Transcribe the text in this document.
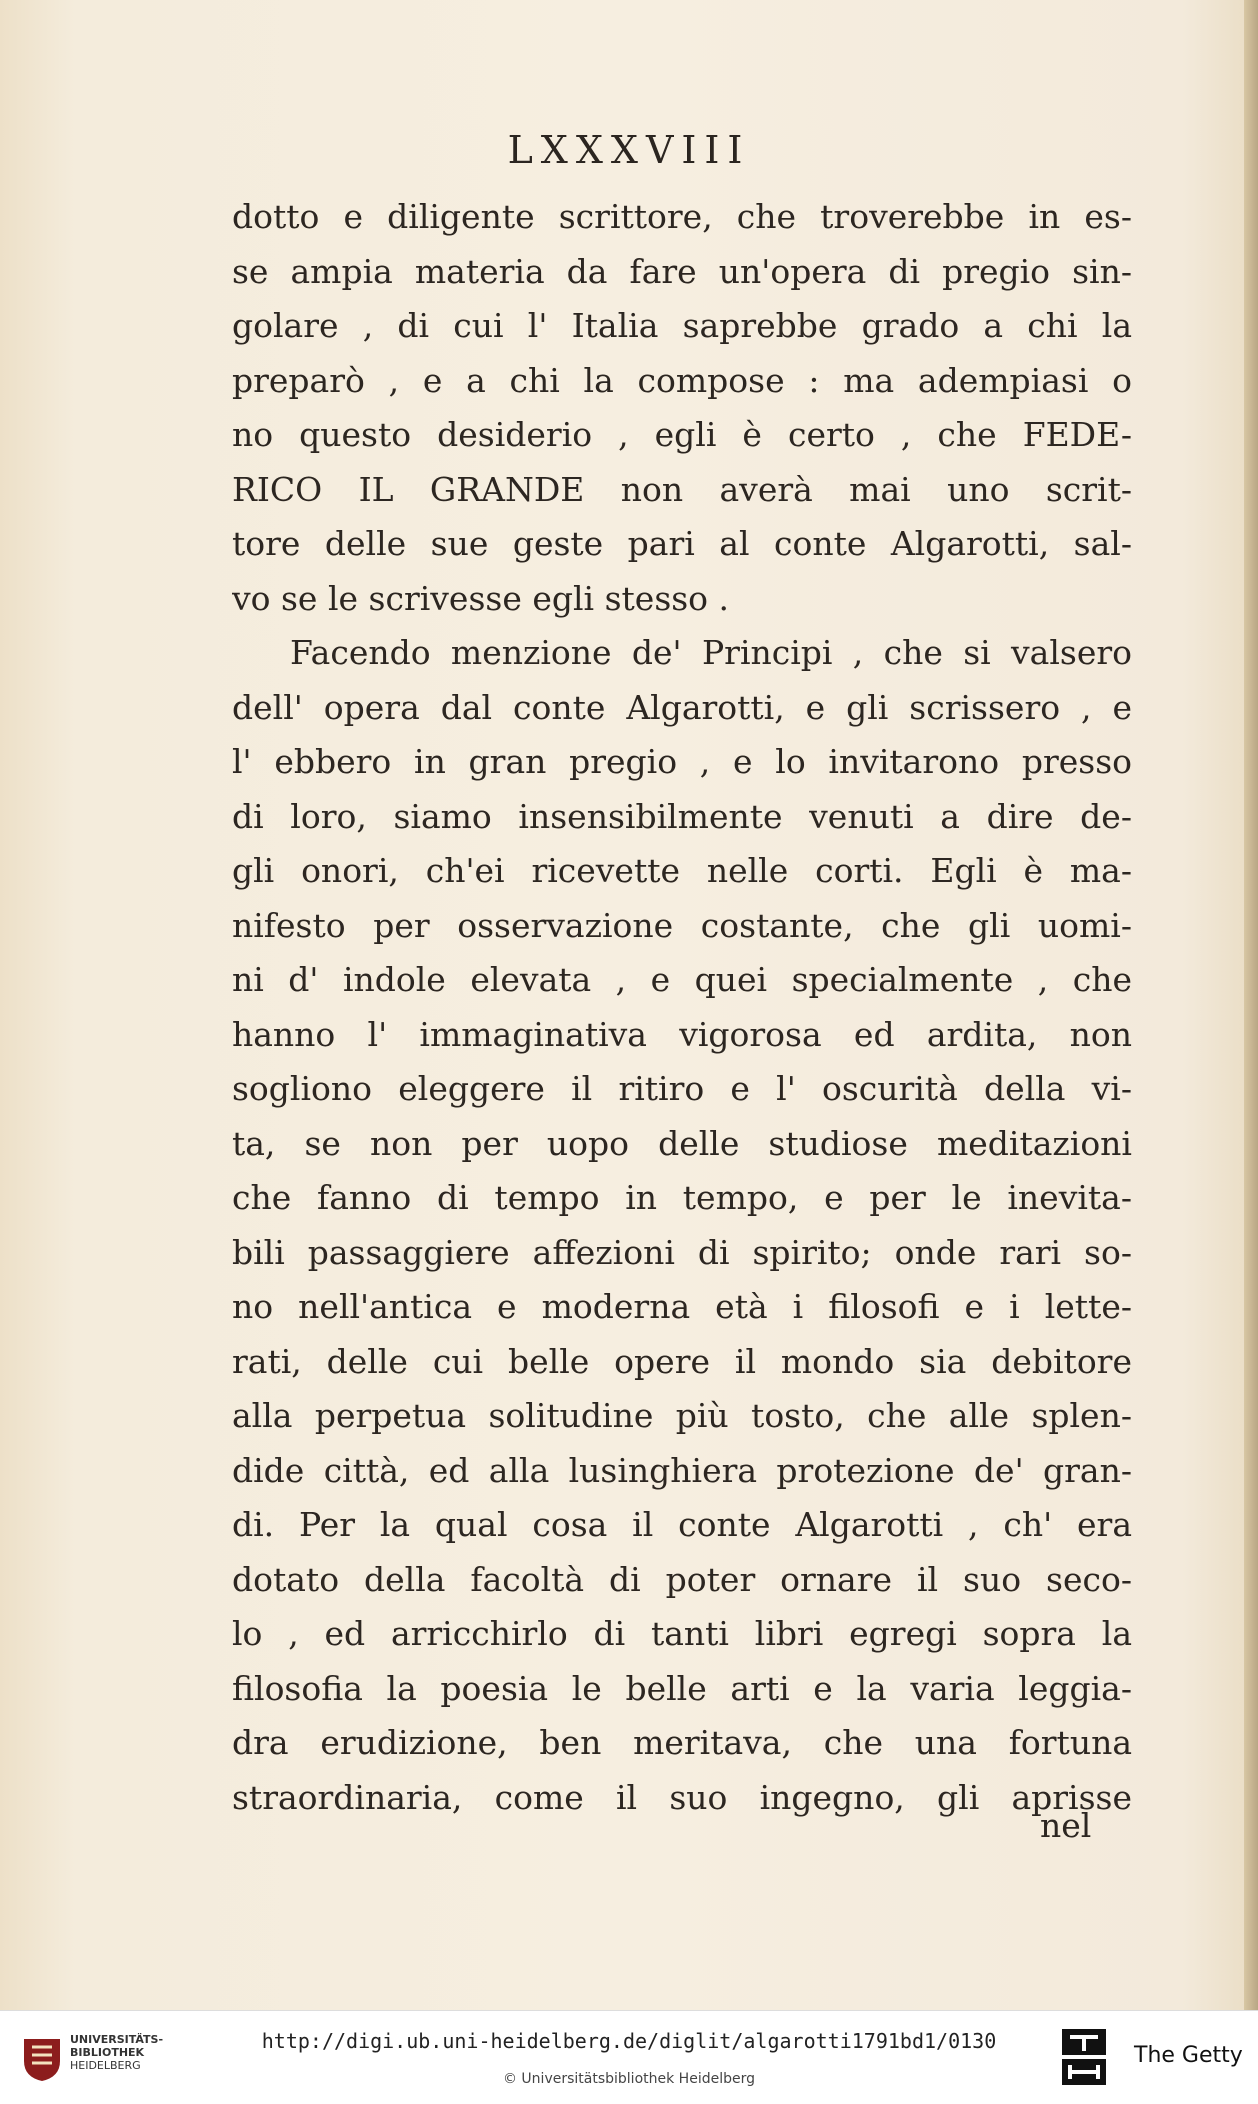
LXXXVIII
dotto e diligente scrittore, che troverebbe in es-
se ampia materia da fare un'opera di pregio sin-
golare , di cui l' Italia saprebbe grado a chi la
preparò , e a chi la compose : ma adempiasi o
no questo desiderio , egli è certo , che FEDE-
RICO IL GRANDE non averà mai uno scrit-
tore delle sue geste pari al conte Algarotti, sal-
vo se le scrivesse egli stesso .
Facendo menzione de' Principi , che si valsero
dell' opera dal conte Algarotti, e gli scrissero , e
l' ebbero in gran pregio , e lo invitarono presso
di loro, siamo insensibilmente venuti a dire de-
gli onori, ch'ei ricevette nelle corti. Egli è ma-
nifesto per osservazione costante, che gli uomi-
ni d' indole elevata , e quei specialmente , che
hanno l' immaginativa vigorosa ed ardita, non
sogliono eleggere il ritiro e l' oscurità della vi-
ta, se non per uopo delle studiose meditazioni
che fanno di tempo in tempo, e per le inevita-
bili passaggiere affezioni di spirito; onde rari so-
no nell'antica e moderna età i filosofi e i lette-
rati, delle cui belle opere il mondo sia debitore
alla perpetua solitudine più tosto, che alle splen-
dide città, ed alla lusinghiera protezione de' gran-
di. Per la qual cosa il conte Algarotti , ch' era
dotato della facoltà di poter ornare il suo seco-
lo , ed arricchirlo di tanti libri egregi sopra la
filosofia la poesia le belle arti e la varia leggia-
dra erudizione, ben meritava, che una fortuna
straordinaria, come il suo ingegno, gli aprisse
nel
UNIVERSITÄTS-
BIBLIOTHEK
HEIDELBERG
http://digi.ub.uni-heidelberg.de/diglit/algarotti1791bd1/0130
© Universitätsbibliothek Heidelberg
The Getty
